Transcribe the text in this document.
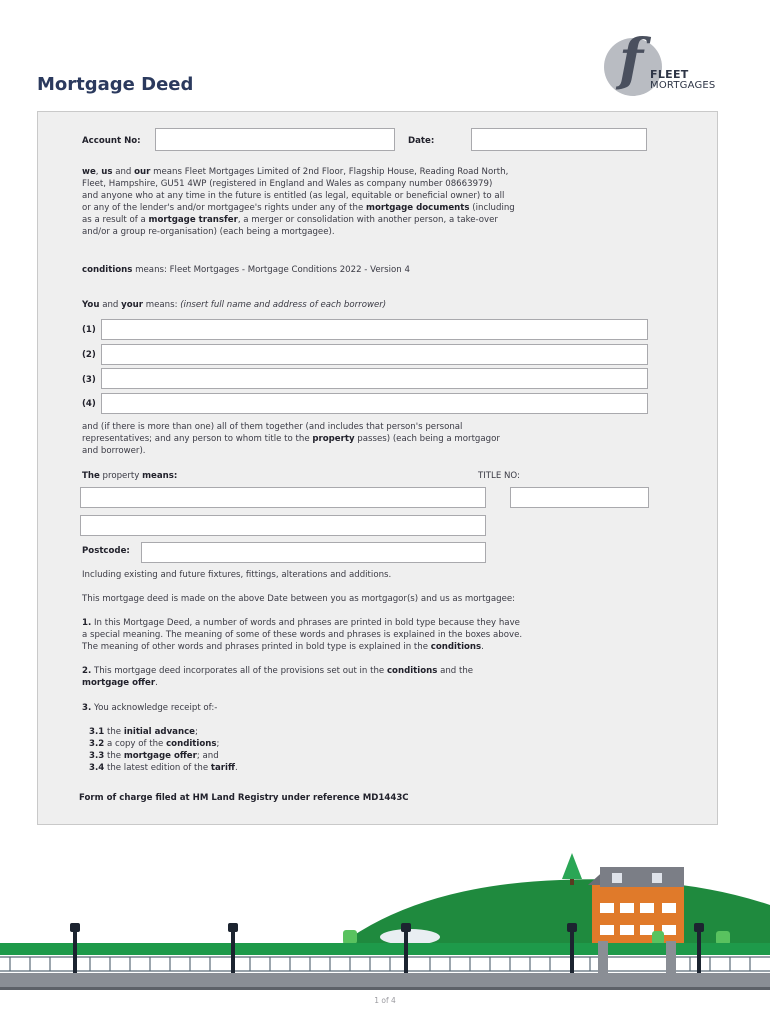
Mortgage Deed	f FLEET
MORTGAGES
Account No:	Date:
we, us and our means Fleet Mortgages Limited of 2nd Floor, Flagship House, Reading Road North,
Fleet, Hampshire, GU51 4WP (registered in England and Wales as company number 08663979)
and anyone who at any time in the future is entitled (as legal, equitable or beneficial owner) to all
or any of the lender's and/or mortgagee's rights under any of the mortgage documents (including
as a result of a mortgage transfer, a merger or consolidation with another person, a take-over
and/or a group re-organisation) (each being a mortgagee).
conditions means: Fleet Mortgages - Mortgage Conditions 2022 - Version 4
You and your means: (insert full name and address of each borrower)
(1)
(2)
(3)
(4)
and (if there is more than one) all of them together (and includes that person's personal
representatives; and any person to whom title to the property passes) (each being a mortgagor
and borrower).
The property means:	TITLE NO:
Postcode:
Including existing and future fixtures, fittings, alterations and additions.
This mortgage deed is made on the above Date between you as mortgagor(s) and us as mortgagee:
1. In this Mortgage Deed, a number of words and phrases are printed in bold type because they have
a special meaning. The meaning of some of these words and phrases is explained in the boxes above.
The meaning of other words and phrases printed in bold type is explained in the conditions.
2. This mortgage deed incorporates all of the provisions set out in the conditions and the
mortgage offer.
3. You acknowledge receipt of:-
3.1 the initial advance;
3.2 a copy of the conditions;
3.3 the mortgage offer; and
3.4 the latest edition of the tariff.
Form of charge filed at HM Land Registry under reference MD1443C
1 of 4
